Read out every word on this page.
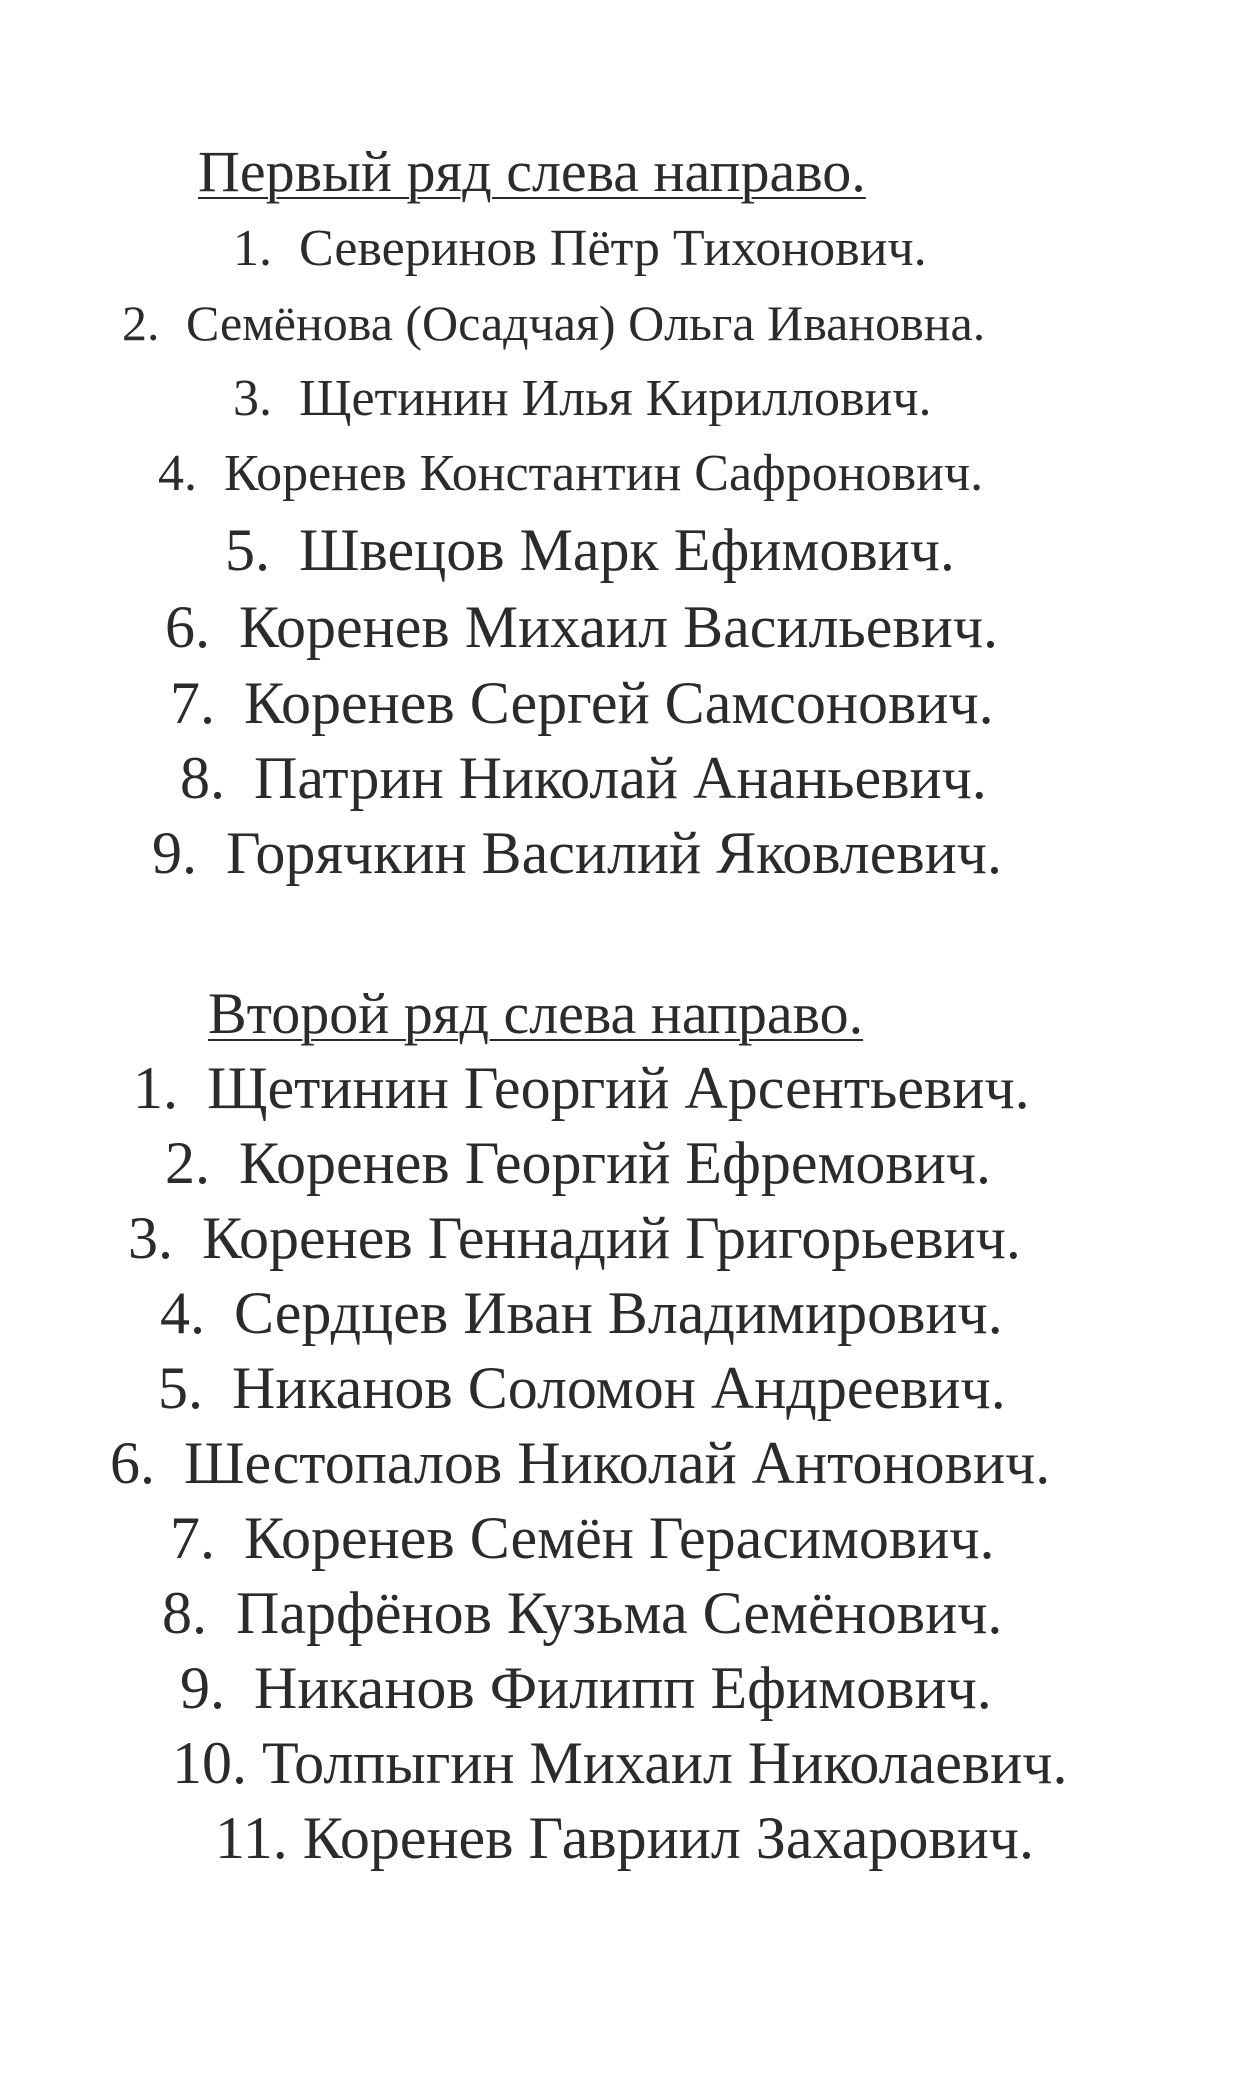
Первый ряд слева направо.
1. Северинов Пётр Тихонович.
2. Семёнова (Осадчая) Ольга Ивановна.
3. Щетинин Илья Кириллович.
4. Коренев Константин Сафронович.
5. Швецов Марк Ефимович.
6. Коренев Михаил Васильевич.
7. Коренев Сергей Самсонович.
8. Патрин Николай Ананьевич.
9. Горячкин Василий Яковлевич.
Второй ряд слева направо.
1. Щетинин Георгий Арсентьевич.
2. Коренев Георгий Ефремович.
3. Коренев Геннадий Григорьевич.
4. Сердцев Иван Владимирович.
5. Никанов Соломон Андреевич.
6. Шестопалов Николай Антонович.
7. Коренев Семён Герасимович.
8. Парфёнов Кузьма Семёнович.
9. Никанов Филипп Ефимович.
10. Толпыгин Михаил Николаевич.
11. Коренев Гавриил Захарович.
